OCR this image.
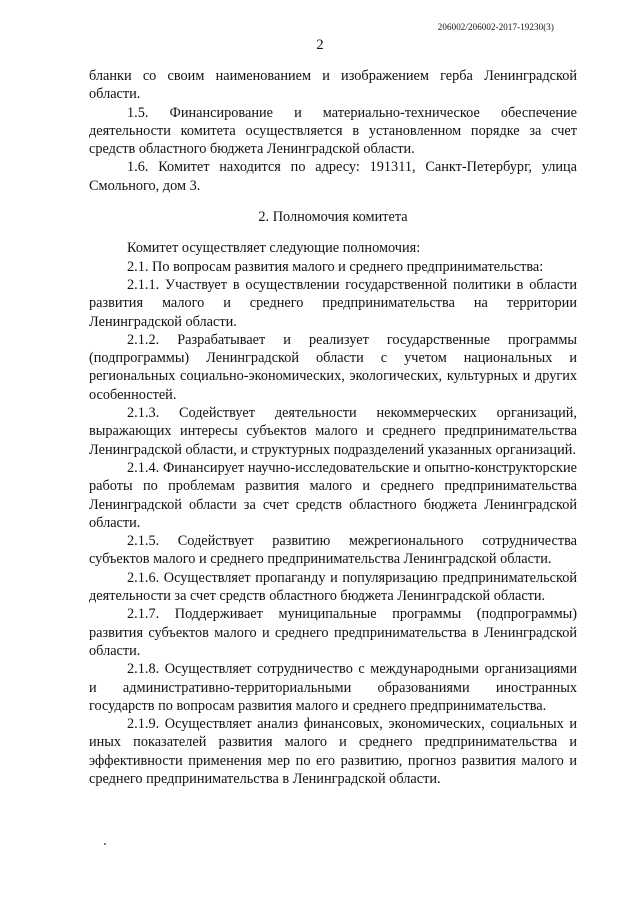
206002/206002-2017-19230(3)
2

бланки со своим наименованием и изображением герба Ленинградской области.

1.5. Финансирование и материально-техническое обеспечение деятельности комитета осуществляется в установленном порядке за счет средств областного бюджета Ленинградской области.

1.6. Комитет находится по адресу: 191311, Санкт-Петербург, улица Смольного, дом 3.

2. Полномочия комитета

Комитет осуществляет следующие полномочия:

2.1. По вопросам развития малого и среднего предпринимательства:

2.1.1. Участвует в осуществлении государственной политики в области развития малого и среднего предпринимательства на территории Ленинградской области.

2.1.2. Разрабатывает и реализует государственные программы (подпрограммы) Ленинградской области с учетом национальных и региональных социально-экономических, экологических, культурных и других особенностей.

2.1.3. Содействует деятельности некоммерческих организаций, выражающих интересы субъектов малого и среднего предпринимательства Ленинградской области, и структурных подразделений указанных организаций.

2.1.4. Финансирует научно-исследовательские и опытно-конструкторские работы по проблемам развития малого и среднего предпринимательства Ленинградской области за счет средств областного бюджета Ленинградской области.

2.1.5. Содействует развитию межрегионального сотрудничества субъектов малого и среднего предпринимательства Ленинградской области.

2.1.6. Осуществляет пропаганду и популяризацию предпринимательской деятельности за счет средств областного бюджета Ленинградской области.

2.1.7. Поддерживает муниципальные программы (подпрограммы) развития субъектов малого и среднего предпринимательства в Ленинградской области.

2.1.8. Осуществляет сотрудничество с международными организациями и административно-территориальными образованиями иностранных государств по вопросам развития малого и среднего предпринимательства.

2.1.9. Осуществляет анализ финансовых, экономических, социальных и иных показателей развития малого и среднего предпринимательства и эффективности применения мер по его развитию, прогноз развития малого и среднего предпринимательства в Ленинградской области.
